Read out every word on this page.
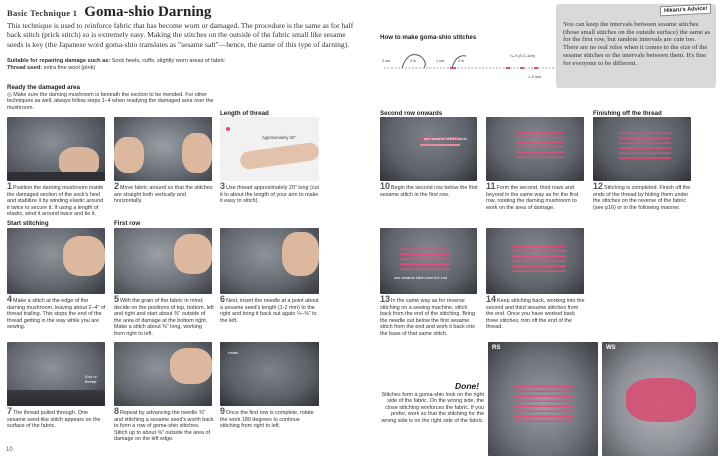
Basic Technique 1 Goma-shio Darning
This technique is used to reinforce fabric that has become worn or damaged. The procedure is the same as for half back stitch (prick stitch) so is extremely easy. Making the stitches on the outside of the fabric small like sesame seeds is key (the Japanese word goma-shio translates as "sesame salt"—hence, the name of this type of darning).
Suitable for repairing damage such as: Sock heels, cuffs, slightly worn areas of fabric
Thread used: extra fine wool (pink)
How to make goma-shio stitches
3 out	1 out
2 in	2 in
¼–⅝ (0.3–1cm)
1–2 mm
Hikaru's Advice!
You can keep the intervals between sesame stitches (those small stitches on the outside surface) the same as for the first row, but random intervals are cute too. There are no real rules when it comes to the size of the sesame stitches or the intervals between them. It's fine for everyone to be different.
Ready the damaged area
◎ Make sure the darning mushroom is beneath the section to be mended. For other techniques as well, always follow steps 1–4 when readying the damaged area over the mushroom.
Length of thread	Second row onwards	Finishing off the thread
Approximately 20"	one sesame seed's worth
1Position the darning mushroom inside the damaged section of the sock's heel and stabilize it by winding elastic around it twice to secure it. If using a length of elastic, wind it around twice and tie it.
2Move fabric around so that the stitches are straight both vertically and horizontally.
3Use thread approximately 20" long (cut it to about the length of your arm to make it easy to stitch).
10Begin the second row below the first sesame stitch in the first row.
11Form the second, third rows and beyond in the same way as for the first row, rotating the darning mushroom to work on the area of damage.
12Stitching is completed. Finish off the ends of the thread by hiding them under the stitches on the reverse of the fabric (see p16) or in the following manner.
Start stitching	First row
one sesame stitch from the end
4Make a stitch at the edge of the darning mushroom, leaving about 2–4" of thread trailing. This stops the end of the thread getting in the way while you are sewing.
5With the grain of the fabric in mind, decide on the positions of top, bottom, left and right and start about ⅜" outside of the area of damage at the bottom right. Make a stitch about ⅜" long, working from right to left.
6Next, insert the needle at a point about a sesame seed's length (1-2 mm) to the right and bring it back out again ¼–⅜" to the left.
13In the same way as for reverse stitching on a sewing machine, stitch back from the end of the stitching. Bring the needle out below the first sesame stitch from the end and work it back into the base of that same stitch.
14Keep stitching back, working into the second and third sesame stitches from the end. Once you have worked back three stitches, trim off the end of the thread.
End of thread
rotate
RS	WS
7The thread pulled through. One sesame seed-like stitch appears on the surface of the fabric.
8Repeat by advancing the needle ⅜" and stitching a sesame seed's worth back to form a row of goma-shio stitches. Stitch up to about ⅜" outside the area of damage on the left edge.
9Once the first row is complete, rotate the work 180 degrees to continue stitching from right to left.
Done!
Stitches form a goma-shio look on the right side of the fabric. On the wrong side, the close stitching reinforces the fabric. If you prefer, work so that the stitching for the wrong side is on the right side of the fabric.
10
